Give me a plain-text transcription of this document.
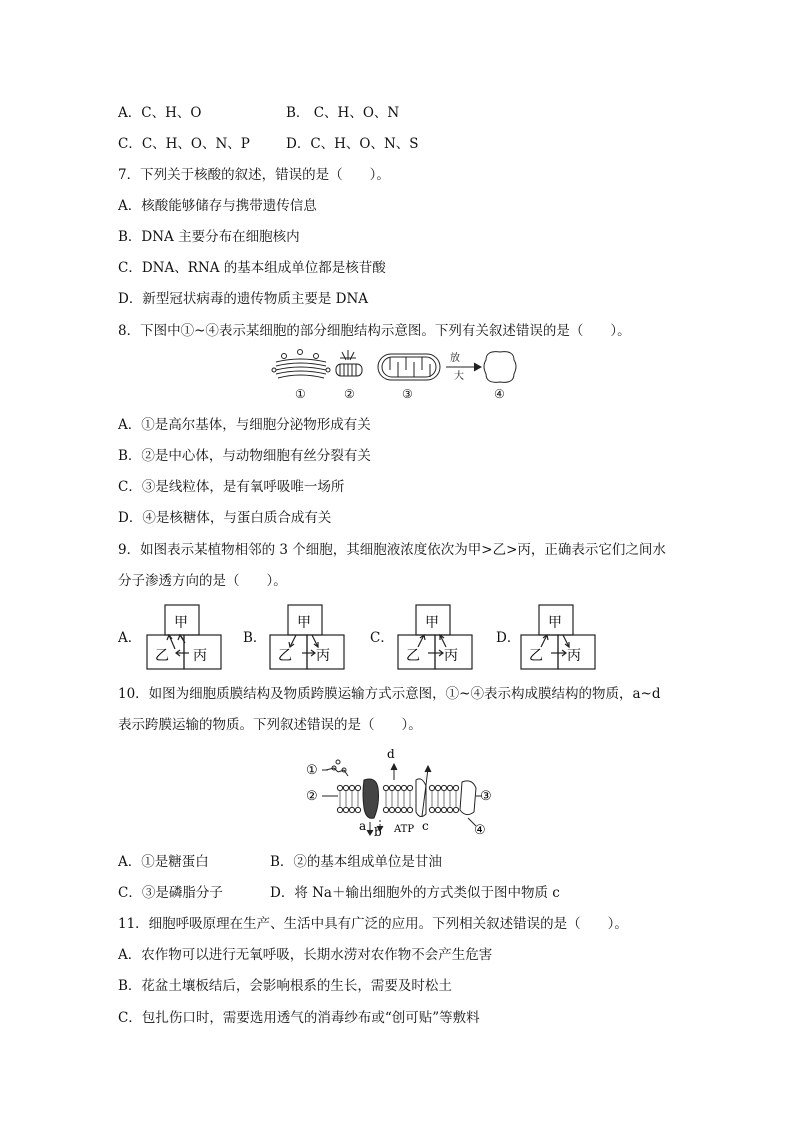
A．C、H、O	B． C、H、O、N
C．C、H、O、N、P	D．C、H、O、N、S
7．下列关于核酸的叙述，错误的是（　　）。
A．核酸能够储存与携带遗传信息
B．DNA 主要分布在细胞核内
C．DNA、RNA 的基本组成单位都是核苷酸
D．新型冠状病毒的遗传物质主要是 DNA
8．下图中①~④表示某细胞的部分细胞结构示意图。下列有关叙述错误的是（　　）。
放
大
①	②	③	④
A．①是高尔基体，与细胞分泌物形成有关
B．②是中心体，与动物细胞有丝分裂有关
C．③是线粒体，是有氧呼吸唯一场所
D．④是核糖体，与蛋白质合成有关
9．如图表示某植物相邻的 3 个细胞，其细胞液浓度依次为甲>乙>丙，正确表示它们之间水
分子渗透方向的是（　　）。
A．	B．	C．	D．
甲
乙 丙
甲
乙 丙
甲
乙 丙
甲
乙 丙
10．如图为细胞质膜结构及物质跨膜运输方式示意图，①~④表示构成膜结构的物质，a~d
表示跨膜运输的物质。下列叙述错误的是（　　）。
①
②	③
④
a b	c
d
ATP
A．①是糖蛋白	B．②的基本组成单位是甘油
C．③是磷脂分子	D．将 Na＋输出细胞外的方式类似于图中物质 c
11．细胞呼吸原理在生产、生活中具有广泛的应用。下列相关叙述错误的是（　　）。
A．农作物可以进行无氧呼吸，长期水涝对农作物不会产生危害
B．花盆土壤板结后，会影响根系的生长，需要及时松土
C．包扎伤口时，需要选用透气的消毒纱布或“创可贴”等敷料
